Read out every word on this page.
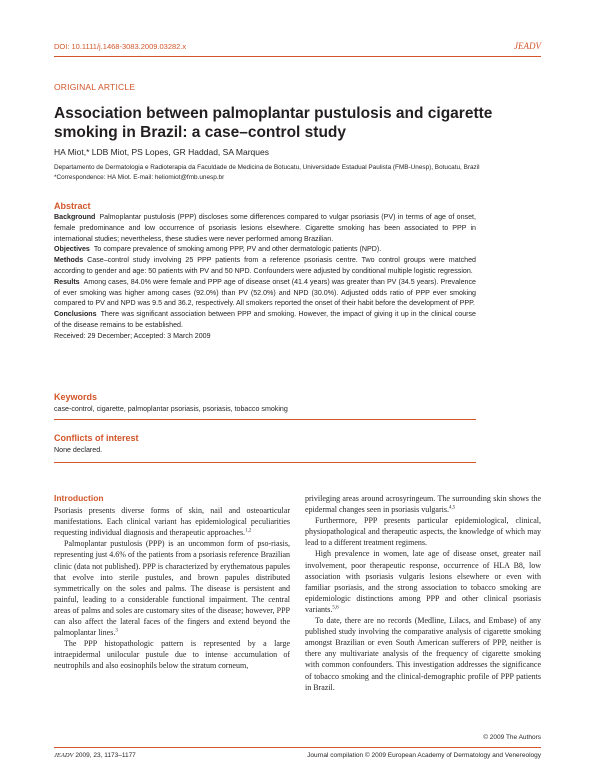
DOI: 10.1111/j.1468-3083.2009.03282.x	JEADV
ORIGINAL ARTICLE
Association between palmoplantar pustulosis and cigarette smoking in Brazil: a case–control study
HA Miot,* LDB Miot, PS Lopes, GR Haddad, SA Marques
Departamento de Dermatologia e Radioterapia da Faculdade de Medicina de Botucatu, Universidade Estadual Paulista (FMB-Unesp), Botucatu, Brazil
*Correspondence: HA Miot. E-mail: heliomiot@fmb.unesp.br
Abstract

Background Palmoplantar pustulosis (PPP) discloses some differences compared to vulgar psoriasis (PV) in terms of age of onset, female predominance and low occurrence of psoriasis lesions elsewhere. Cigarette smoking has been associated to PPP in international studies; nevertheless, these studies were never performed among Brazilian.

Objectives To compare prevalence of smoking among PPP, PV and other dermatologic patients (NPD).

Methods Case–control study involving 25 PPP patients from a reference psoriasis centre. Two control groups were matched according to gender and age: 50 patients with PV and 50 NPD. Confounders were adjusted by conditional multiple logistic regression.

Results Among cases, 84.0% were female and PPP age of disease onset (41.4 years) was greater than PV (34.5 years). Prevalence of ever smoking was higher among cases (92.0%) than PV (52.0%) and NPD (30.0%). Adjusted odds ratio of PPP ever smoking compared to PV and NPD was 9.5 and 36.2, respectively. All smokers reported the onset of their habit before the development of PPP.

Conclusions There was significant association between PPP and smoking. However, the impact of giving it up in the clinical course of the disease remains to be established.

Received: 29 December; Accepted: 3 March 2009

Keywords
case-control, cigarette, palmoplantar psoriasis, psoriasis, tobacco smoking
Conflicts of interest
None declared.
Introduction

Psoriasis presents diverse forms of skin, nail and osteoarticular manifestations. Each clinical variant has epidemiological peculiarities requesting individual diagnosis and therapeutic approaches.$^{1,2}$

Palmoplantar pustulosis (PPP) is an uncommon form of pso-riasis, representing just 4.6% of the patients from a psoriasis reference Brazilian clinic (data not published). PPP is characterized by erythematous papules that evolve into sterile pustules, and brown papules distributed symmetrically on the soles and palms. The disease is persistent and painful, leading to a considerable functional impairment. The central areas of palms and soles are customary sites of the disease; however, PPP can also affect the lateral faces of the fingers and extend beyond the palmoplantar lines.$^3$

The PPP histopathologic pattern is represented by a large intraepidermal unilocular pustule due to intense accumulation of neutrophils and also eosinophils below the stratum corneum,

privileging areas around acrosyringeum. The surrounding skin shows the epidermal changes seen in psoriasis vulgaris.$^{4,5}$

Furthermore, PPP presents particular epidemiological, clinical, physiopathological and therapeutic aspects, the knowledge of which may lead to a different treatment regimens.

High prevalence in women, late age of disease onset, greater nail involvement, poor therapeutic response, occurrence of HLA B8, low association with psoriasis vulgaris lesions elsewhere or even with familiar psoriasis, and the strong association to tobacco smoking are epidemiologic distinctions among PPP and other clinical psoriasis variants.$^{5,6}$

To date, there are no records (Medline, Lilacs, and Embase) of any published study involving the comparative analysis of cigarette smoking amongst Brazilian or even South American sufferers of PPP, neither is there any multivariate analysis of the frequency of cigarette smoking with common confounders. This investigation addresses the significance of tobacco smoking and the clinical-demographic profile of PPP patients in Brazil.

© 2009 The Authors
JEADV 2009, 23, 1173–1177	Journal compilation © 2009 European Academy of Dermatology and Venereology
